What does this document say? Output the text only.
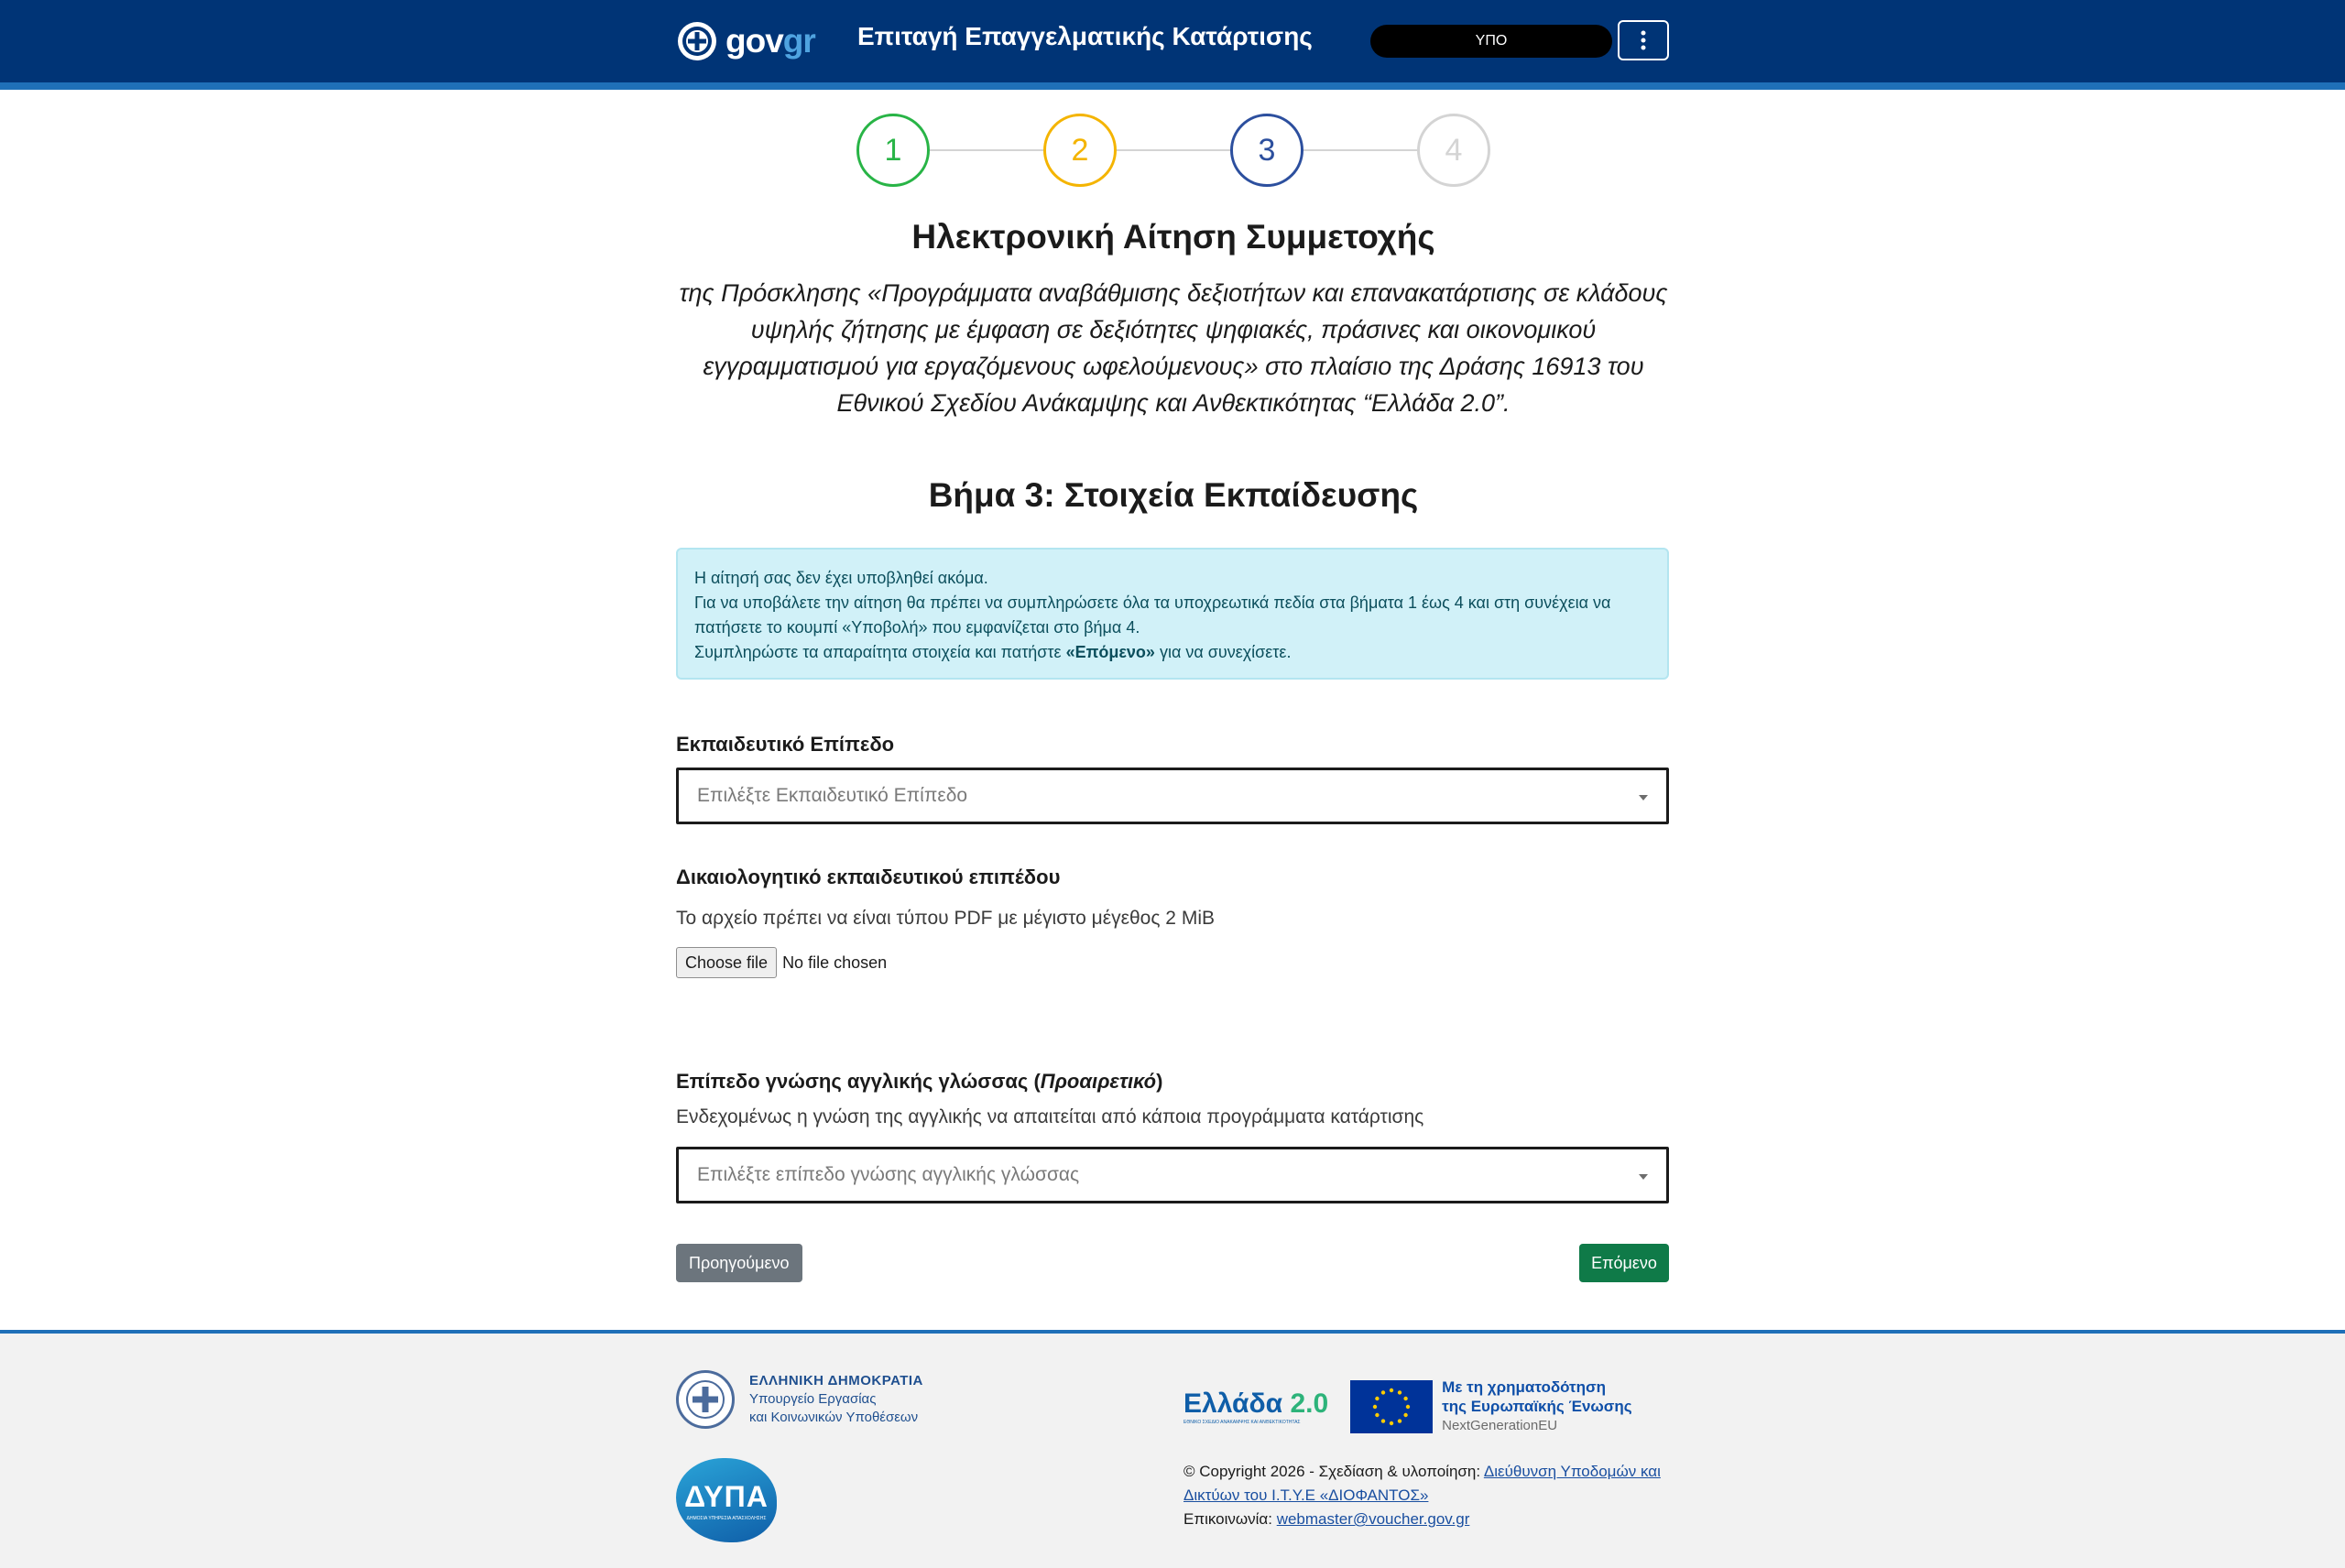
govgr Επιταγή Επαγγελματικής Κατάρτισης	ΥΠΟ
1	2	3	4
Ηλεκτρονική Αίτηση Συμμετοχής
της Πρόσκλησης «Προγράμματα αναβάθμισης δεξιοτήτων και επανακατάρτισης σε κλάδους υψηλής ζήτησης με έμφαση σε δεξιότητες ψηφιακές, πράσινες και οικονομικού εγγραμματισμού για εργαζόμενους ωφελούμενους» στο πλαίσιο της Δράσης 16913 του Εθνικού Σχεδίου Ανάκαμψης και Ανθεκτικότητας “Ελλάδα 2.0”.
Βήμα 3: Στοιχεία Εκπαίδευσης

Η αίτησή σας δεν έχει υποβληθεί ακόμα.

Για να υποβάλετε την αίτηση θα πρέπει να συμπληρώσετε όλα τα υποχρεωτικά πεδία στα βήματα 1 έως 4 και στη συνέχεια να πατήσετε το κουμπί «Υποβολή» που εμφανίζεται στο βήμα 4.

Συμπληρώστε τα απαραίτητα στοιχεία και πατήστε «Επόμενο» για να συνεχίσετε.

Εκπαιδευτικό Επίπεδο
Επιλέξτε Εκπαιδευτικό Επίπεδο
Δικαιολογητικό εκπαιδευτικού επιπέδου
Το αρχείο πρέπει να είναι τύπου PDF με μέγιστο μέγεθος 2 MiB
Choose file No file chosen
Επίπεδο γνώσης αγγλικής γλώσσας (Προαιρετικό)
Ενδεχομένως η γνώση της αγγλικής να απαιτείται από κάποια προγράμματα κατάρτισης
Επιλέξτε επίπεδο γνώσης αγγλικής γλώσσας
Προηγούμενο	Επόμενο
ΕΛΛΗΝΙΚΗ ΔΗΜΟΚΡΑΤΙΑ
Υπουργείο Εργασίας
και Κοινωνικών Υποθέσεων
ΔΥΠΑ
ΔΗΜΟΣΙΑ ΥΠΗΡΕΣΙΑ ΑΠΑΣΧΟΛΗΣΗΣ
Ελλάδα 2.0
ΕΘΝΙΚΟ ΣΧΕΔΙΟ ΑΝΑΚΑΜΨΗΣ ΚΑΙ ΑΝΘΕΚΤΙΚΟΤΗΤΑΣ
Με τη χρηματοδότηση
της Ευρωπαϊκής Ένωσης
NextGenerationEU
© Copyright 2026 - Σχεδίαση & υλοποίηση: Διεύθυνση Υποδομών και Δικτύων του Ι.Τ.Υ.Ε «ΔΙΟΦΑΝΤΟΣ»
Επικοινωνία: webmaster@voucher.gov.gr
